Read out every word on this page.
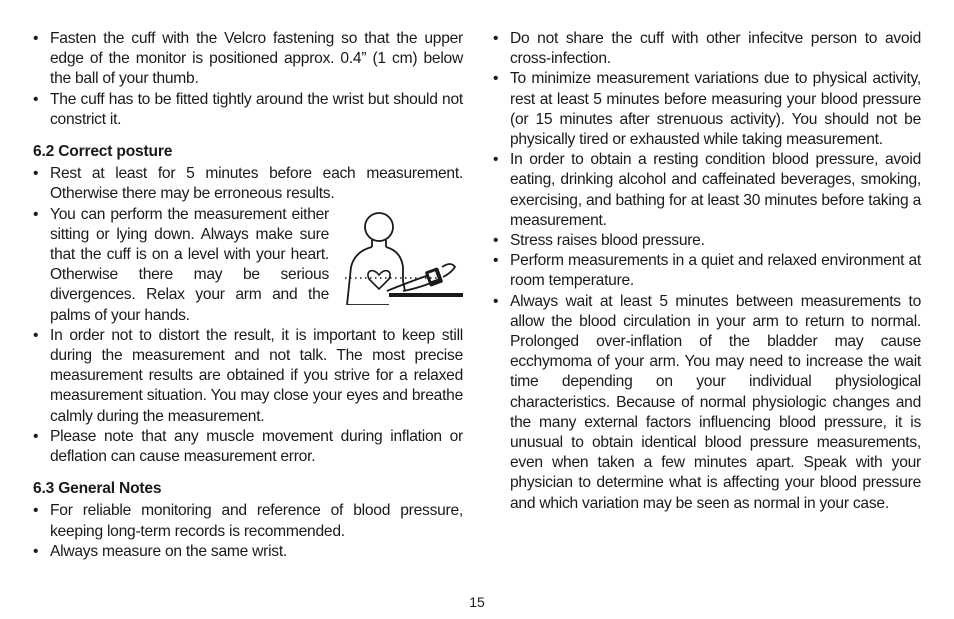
• Fasten the cuff with the Velcro fastening so that the upper edge of the monitor is positioned approx. 0.4” (1 cm) below the ball of your thumb.
• The cuff has to be fitted tightly around the wrist but should not constrict it.
6.2 Correct posture
• Rest at least for 5 minutes before each measurement. Otherwise there may be erroneous results.
• You can perform the measurement either sitting or lying down. Always make sure that the cuff is on a level with your heart. Otherwise there may be serious divergences. Relax your arm and the palms of your hands.
• In order not to distort the result, it is important to keep still during the measurement and not talk. The most precise measurement results are obtained if you strive for a relaxed measurement situation. You may close your eyes and breathe calmly during the measurement.
• Please note that any muscle movement during inflation or deflation can cause measurement error.
6.3 General Notes
• For reliable monitoring and reference of blood pressure, keeping long-term records is recommended.
• Always measure on the same wrist.
• Do not share the cuff with other infecitve person to avoid cross-infection.
• To minimize measurement variations due to physical activity, rest at least 5 minutes before measuring your blood pressure (or 15 minutes after strenuous activity). You should not be physically tired or exhausted while taking measurement.
• In order to obtain a resting condition blood pressure, avoid eating, drinking alcohol and caffeinated beverages, smoking, exercising, and bathing for at least 30 minutes before taking a measurement.
• Stress raises blood pressure.
• Perform measurements in a quiet and relaxed environment at room temperature.
• Always wait at least 5 minutes between measurements to allow the blood circulation in your arm to return to normal. Prolonged over-inflation of the bladder may cause ecchymoma of your arm. You may need to increase the wait time depending on your individual physiological characteristics. Because of normal physiologic changes and the many external factors influencing blood pressure, it is unusual to obtain identical blood pressure measurements, even when taken a few minutes apart. Speak with your physician to determine what is affecting your blood pressure and which variation may be seen as normal in your case.
15
